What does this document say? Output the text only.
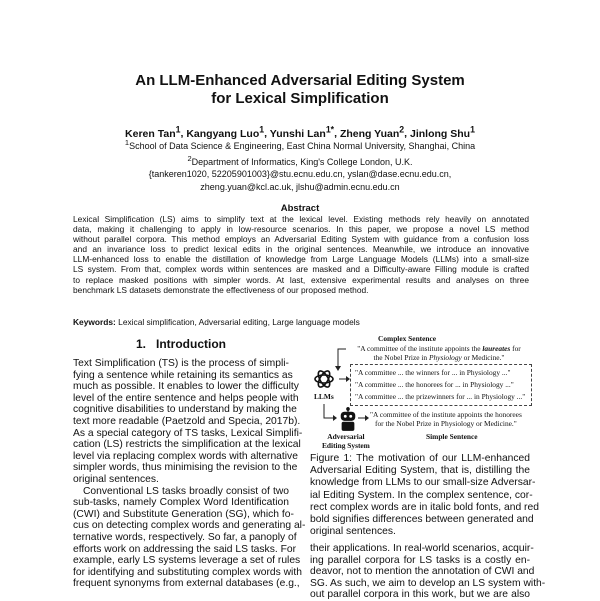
An LLM-Enhanced Adversarial Editing System
for Lexical Simplification
Keren Tan$^1$, Kangyang Luo$^1$, Yunshi Lan$^{1*}$, Zheng Yuan$^2$, Jinlong Shu$^1$
$^1$School of Data Science & Engineering, East China Normal University, Shanghai, China
$^2$Department of Informatics, King's College London, U.K.
{tankeren1020, 52205901003}@stu.ecnu.edu.cn, yslan@dase.ecnu.edu.cn,
zheng.yuan@kcl.ac.uk, jlshu@admin.ecnu.edu.cn
Abstract
Lexical Simplification (LS) aims to simplify text at the lexical level. Existing methods rely heavily on annotated
data, making it challenging to apply in low-resource scenarios. In this paper, we propose a novel LS method
without parallel corpora. This method employs an Adversarial Editing System with guidance from a confusion loss
and an invariance loss to predict lexical edits in the original sentences. Meanwhile, we introduce an innovative
LLM-enhanced loss to enable the distillation of knowledge from Large Language Models (LLMs) into a small-size
LS system. From that, complex words within sentences are masked and a Difficulty-aware Filling module is crafted
to replace masked positions with simpler words. At last, extensive experimental results and analyses on three
benchmark LS datasets demonstrate the effectiveness of our proposed method.
Keywords: Lexical simplification, Adversarial editing, Large language models
1. Introduction
Text Simplification (TS) is the process of simpli-
fying a sentence while retaining its semantics as
much as possible. It enables to lower the difficulty
level of the entire sentence and helps people with
cognitive disabilities to understand by making the
text more readable (Paetzold and Specia, 2017b).
As a special category of TS tasks, Lexical Simplifi-
cation (LS) restricts the simplification at the lexical
level via replacing complex words with alternative
simpler words, thus minimising the revision to the
original sentences.
Conventional LS tasks broadly consist of two
sub-tasks, namely Complex Word Identification
(CWI) and Substitute Generation (SG), which fo-
cus on detecting complex words and generating al-
ternative words, respectively. So far, a panoply of
efforts work on addressing the said LS tasks. For
example, early LS systems leverage a set of rules
for identifying and substituting complex words with
frequent synonyms from external databases (e.g.,
Complex Sentence
"A committee of the institute appoints the laureates for
the Nobel Prize in Physiology or Medicine."
LLMs
"A committee ... the winners for ... in Physiology ..."
"A committee ... the honorees for ... in Physiology ..."
"A committee ... the prizewinners for ... in Physiology ..."
"A committee of the institute appoints the honorees
for the Nobel Prize in Physiology or Medicine."
Adversarial
Editing System
Simple Sentence
Figure 1: The motivation of our LLM-enhanced
Adversarial Editing System, that is, distilling the
knowledge from LLMs to our small-size Adversar-
ial Editing System. In the complex sentence, cor-
rect complex words are in italic bold fonts, and red
bold signifies differences between generated and
original sentences.
their applications. In real-world scenarios, acquir-
ing parallel corpora for LS tasks is a costly en-
deavor, not to mention the annotation of CWI and
SG. As such, we aim to develop an LS system with-
out parallel corpora in this work, but we are also
